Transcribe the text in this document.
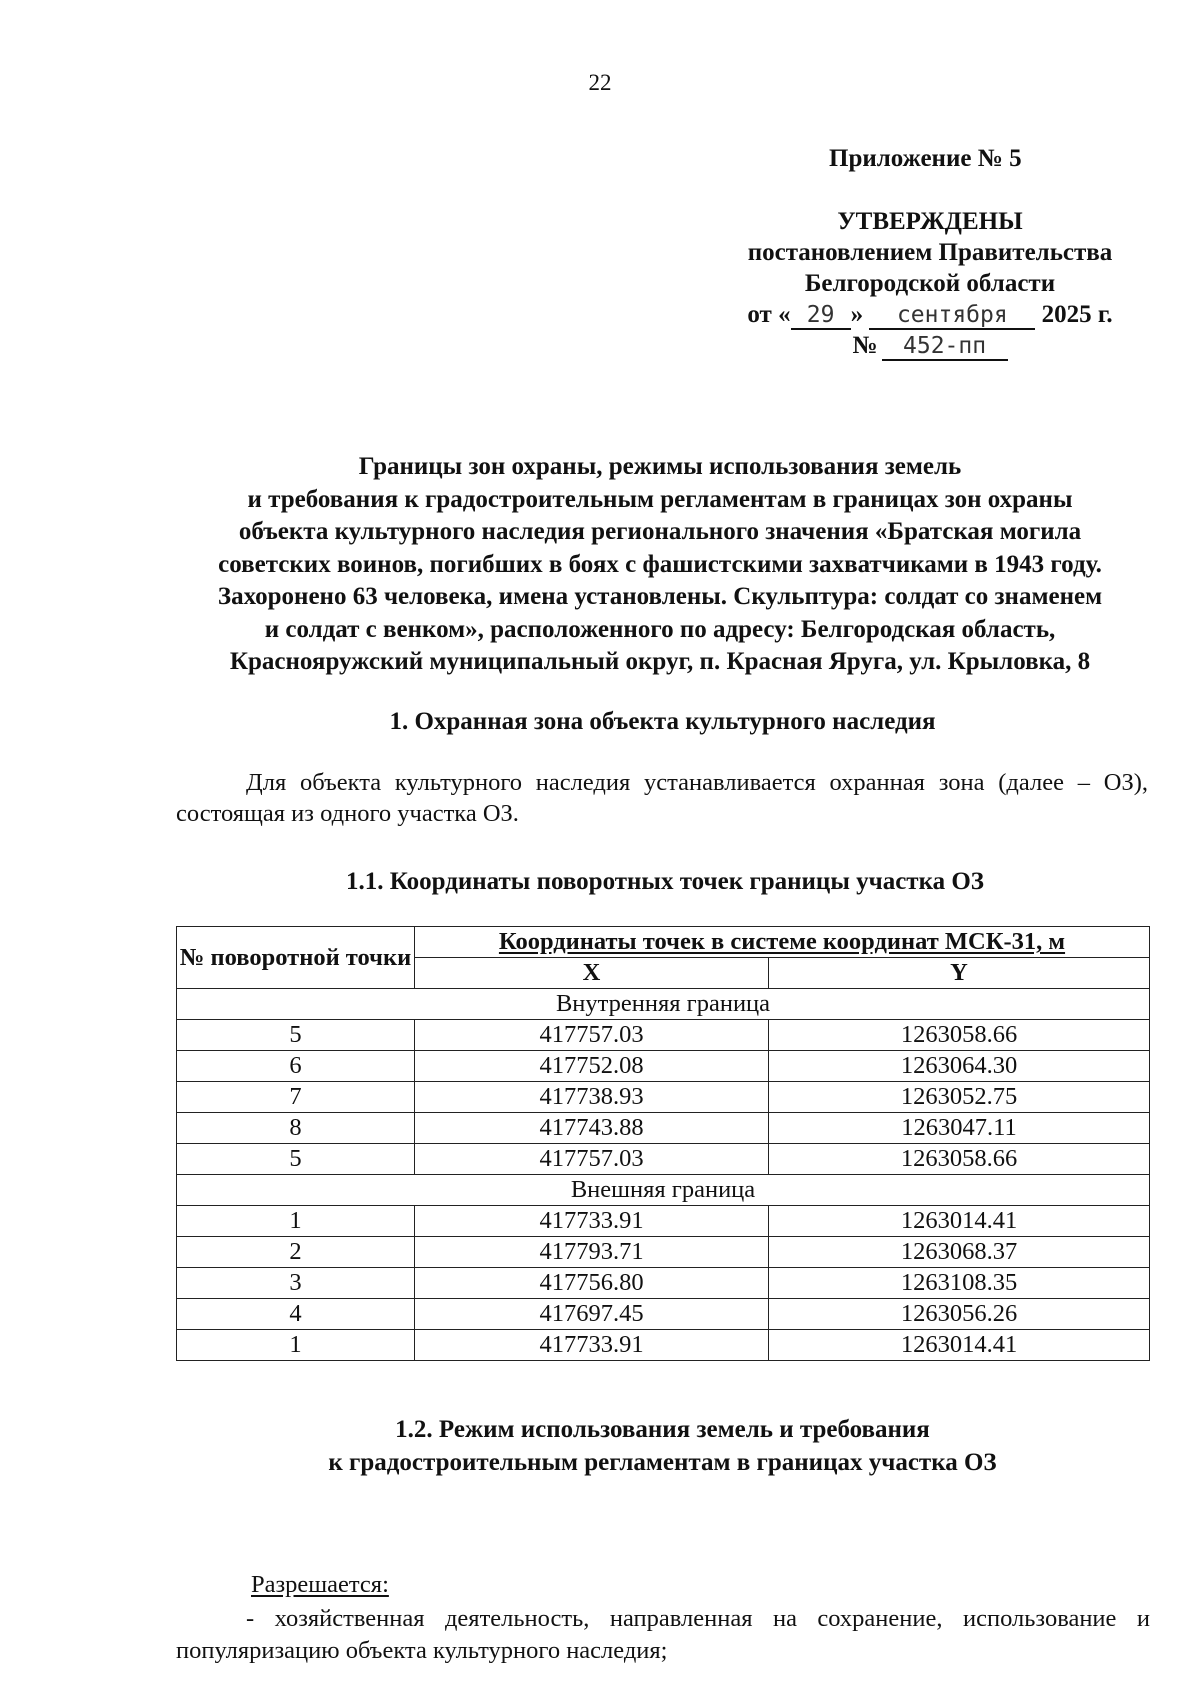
22
Приложение № 5
УТВЕРЖДЕНЫ
постановлением Правительства
Белгородской области
от « 29 » сентября 2025 г.
№ 452-пп
Границы зон охраны, режимы использования земель
и требования к градостроительным регламентам в границах зон охраны
объекта культурного наследия регионального значения «Братская могила
советских воинов, погибших в боях с фашистскими захватчиками в 1943 году.
Захоронено 63 человека, имена установлены. Скульптура: солдат со знаменем
и солдат с венком», расположенного по адресу: Белгородская область,
Краснояружский муниципальный округ, п. Красная Яруга, ул. Крыловка, 8
1. Охранная зона объекта культурного наследия
Для объекта культурного наследия устанавливается охранная зона (далее – ОЗ), состоящая из одного участка ОЗ.
1.1. Координаты поворотных точек границы участка ОЗ
№ поворотной точки	Координаты точек в системе координат МСК-31, м	
	X	Y
Внутренняя граница		
5	417757.03	1263058.66
6	417752.08	1263064.30
7	417738.93	1263052.75
8	417743.88	1263047.11
5	417757.03	1263058.66
Внешняя граница		
1	417733.91	1263014.41
2	417793.71	1263068.37
3	417756.80	1263108.35
4	417697.45	1263056.26
1	417733.91	1263014.41
1.2. Режим использования земель и требования
к градостроительным регламентам в границах участка ОЗ
Разрешается:
- хозяйственная деятельность, направленная на сохранение, использование и популяризацию объекта культурного наследия;
